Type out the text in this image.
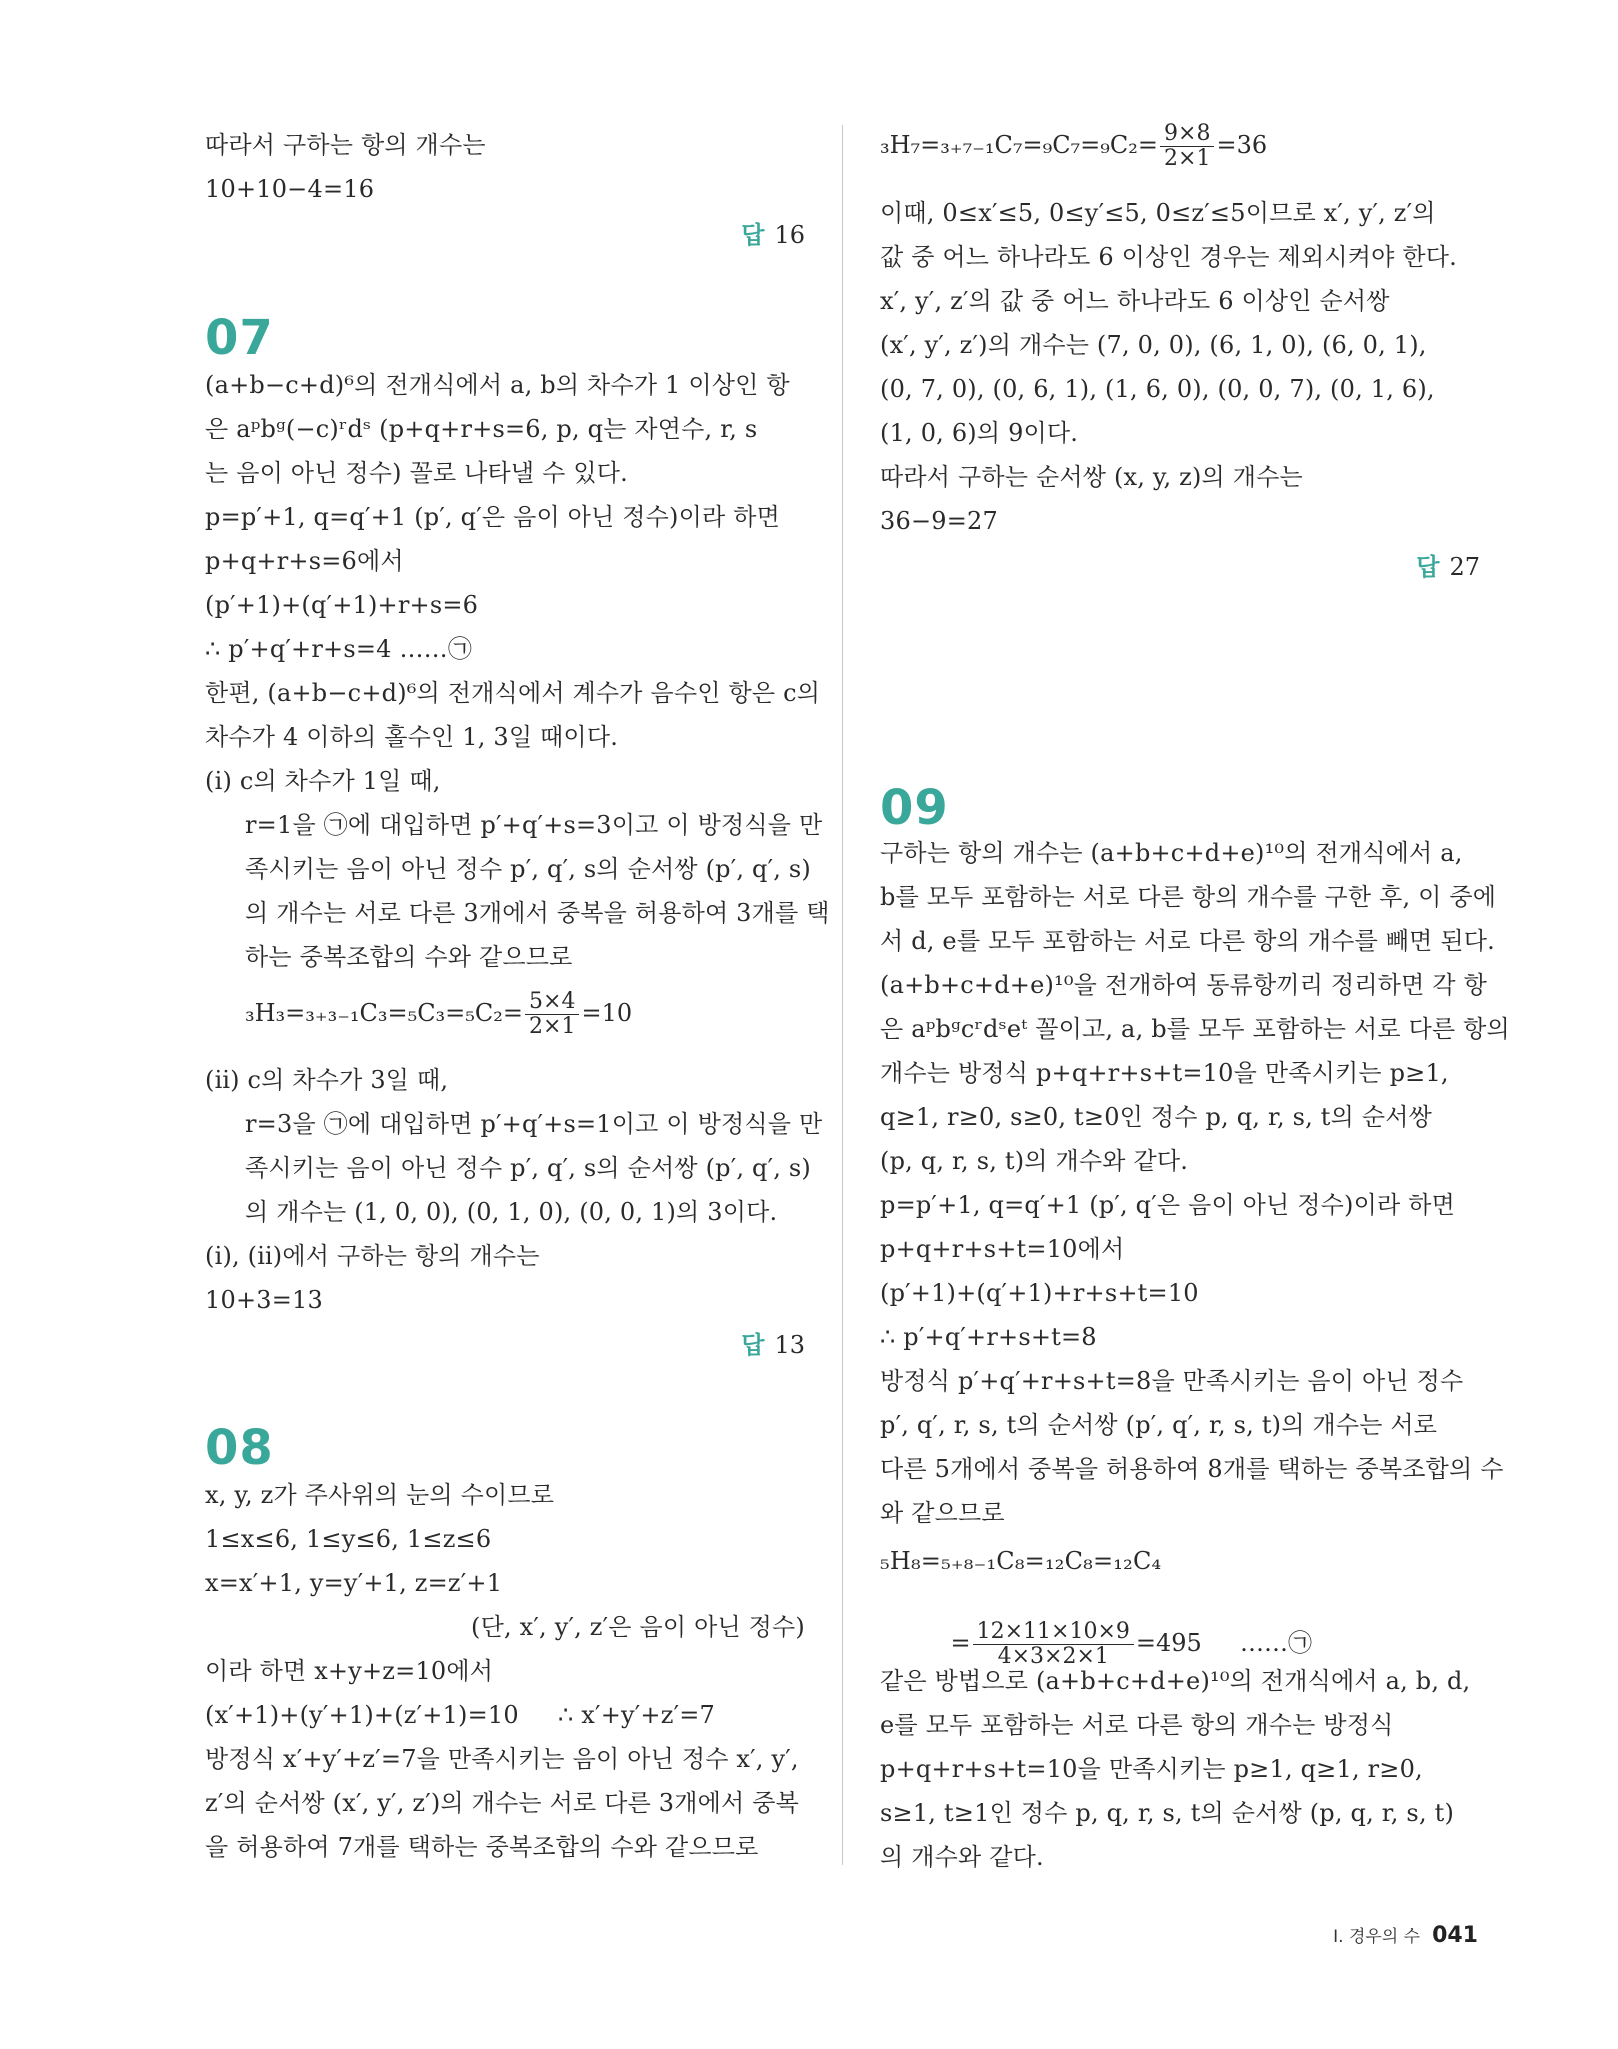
따라서 구하는 항의 개수는
10+10−4=16
답 16
07
(a+b−c+d)⁶의 전개식에서 a, b의 차수가 1 이상인 항
은 aᵖbᵍ(−c)ʳdˢ (p+q+r+s=6, p, q는 자연수, r, s
는 음이 아닌 정수) 꼴로 나타낼 수 있다.
p=p′+1, q=q′+1 (p′, q′은 음이 아닌 정수)이라 하면
p+q+r+s=6에서
(p′+1)+(q′+1)+r+s=6
∴ p′+q′+r+s=4 ……㉠
한편, (a+b−c+d)⁶의 전개식에서 계수가 음수인 항은 c의
차수가 4 이하의 홀수인 1, 3일 때이다.
(ⅰ) c의 차수가 1일 때,
r=1을 ㉠에 대입하면 p′+q′+s=3이고 이 방정식을 만
족시키는 음이 아닌 정수 p′, q′, s의 순서쌍 (p′, q′, s)
의 개수는 서로 다른 3개에서 중복을 허용하여 3개를 택
하는 중복조합의 수와 같으므로
$_3H_3=_{3+3-1}C_3=_5C_3=_5C_2= \frac{5\times 4}{2\times 1} =10$
(ⅱ) c의 차수가 3일 때,
r=3을 ㉠에 대입하면 p′+q′+s=1이고 이 방정식을 만
족시키는 음이 아닌 정수 p′, q′, s의 순서쌍 (p′, q′, s)
의 개수는 (1, 0, 0), (0, 1, 0), (0, 0, 1)의 3이다.
(ⅰ), (ⅱ)에서 구하는 항의 개수는
10+3=13
답 13
08
x, y, z가 주사위의 눈의 수이므로
1≤x≤6, 1≤y≤6, 1≤z≤6
x=x′+1, y=y′+1, z=z′+1
(단, x′, y′, z′은 음이 아닌 정수)
이라 하면 x+y+z=10에서
(x′+1)+(y′+1)+(z′+1)=10     ∴ x′+y′+z′=7
방정식 x′+y′+z′=7을 만족시키는 음이 아닌 정수 x′, y′,
z′의 순서쌍 (x′, y′, z′)의 개수는 서로 다른 3개에서 중복
을 허용하여 7개를 택하는 중복조합의 수와 같으므로
$_3H_7=_{3+7-1}C_7=_9C_7=_9C_2= \frac{9\times 8}{2\times 1} =36$
이때, 0≤x′≤5, 0≤y′≤5, 0≤z′≤5이므로 x′, y′, z′의
값 중 어느 하나라도 6 이상인 경우는 제외시켜야 한다.
x′, y′, z′의 값 중 어느 하나라도 6 이상인 순서쌍
(x′, y′, z′)의 개수는 (7, 0, 0), (6, 1, 0), (6, 0, 1),
(0, 7, 0), (0, 6, 1), (1, 6, 0), (0, 0, 7), (0, 1, 6),
(1, 0, 6)의 9이다.
따라서 구하는 순서쌍 (x, y, z)의 개수는
36−9=27
답 27
09
구하는 항의 개수는 (a+b+c+d+e)¹⁰의 전개식에서 a,
b를 모두 포함하는 서로 다른 항의 개수를 구한 후, 이 중에
서 d, e를 모두 포함하는 서로 다른 항의 개수를 빼면 된다.
(a+b+c+d+e)¹⁰을 전개하여 동류항끼리 정리하면 각 항
은 aᵖbᵍcʳdˢeᵗ 꼴이고, a, b를 모두 포함하는 서로 다른 항의
개수는 방정식 p+q+r+s+t=10을 만족시키는 p≥1,
q≥1, r≥0, s≥0, t≥0인 정수 p, q, r, s, t의 순서쌍
(p, q, r, s, t)의 개수와 같다.
p=p′+1, q=q′+1 (p′, q′은 음이 아닌 정수)이라 하면
p+q+r+s+t=10에서
(p′+1)+(q′+1)+r+s+t=10
∴ p′+q′+r+s+t=8
방정식 p′+q′+r+s+t=8을 만족시키는 음이 아닌 정수
p′, q′, r, s, t의 순서쌍 (p′, q′, r, s, t)의 개수는 서로
다른 5개에서 중복을 허용하여 8개를 택하는 중복조합의 수
와 같으므로
₅H₈=₅₊₈₋₁C₈=₁₂C₈=₁₂C₄

= $\frac{12\times 11\times 10\times 9}{4\times 3\times 2\times 1} =495$     ……㉠

같은 방법으로 (a+b+c+d+e)¹⁰의 전개식에서 a, b, d,
e를 모두 포함하는 서로 다른 항의 개수는 방정식
p+q+r+s+t=10을 만족시키는 p≥1, q≥1, r≥0,
s≥1, t≥1인 정수 p, q, r, s, t의 순서쌍 (p, q, r, s, t)
의 개수와 같다.
Ⅰ. 경우의 수 041
